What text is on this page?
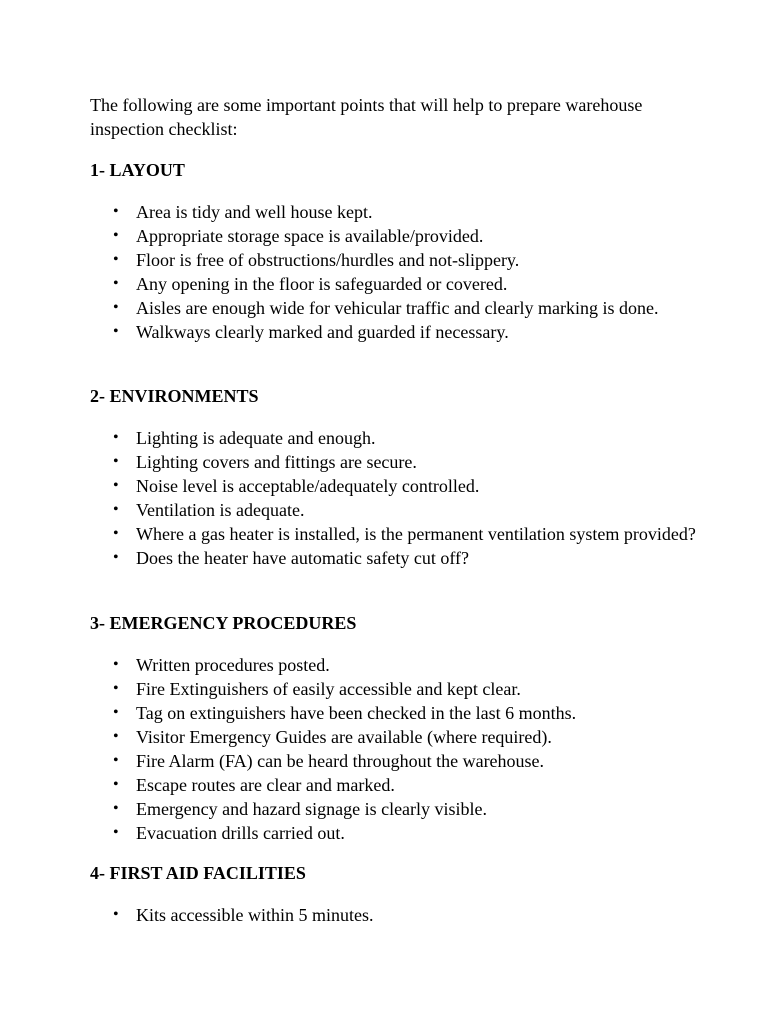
The following are some important points that will help to prepare warehouse inspection checklist:

1- LAYOUT
• Area is tidy and well house kept.
• Appropriate storage space is available/provided.
• Floor is free of obstructions/hurdles and not-slippery.
• Any opening in the floor is safeguarded or covered.
• Aisles are enough wide for vehicular traffic and clearly marking is done.
• Walkways clearly marked and guarded if necessary.
2- ENVIRONMENTS
• Lighting is adequate and enough.
• Lighting covers and fittings are secure.
• Noise level is acceptable/adequately controlled.
• Ventilation is adequate.
• Where a gas heater is installed, is the permanent ventilation system provided?
• Does the heater have automatic safety cut off?
3- EMERGENCY PROCEDURES
• Written procedures posted.
• Fire Extinguishers of easily accessible and kept clear.
• Tag on extinguishers have been checked in the last 6 months.
• Visitor Emergency Guides are available (where required).
• Fire Alarm (FA) can be heard throughout the warehouse.
• Escape routes are clear and marked.
• Emergency and hazard signage is clearly visible.
• Evacuation drills carried out.
4- FIRST AID FACILITIES
• Kits accessible within 5 minutes.
